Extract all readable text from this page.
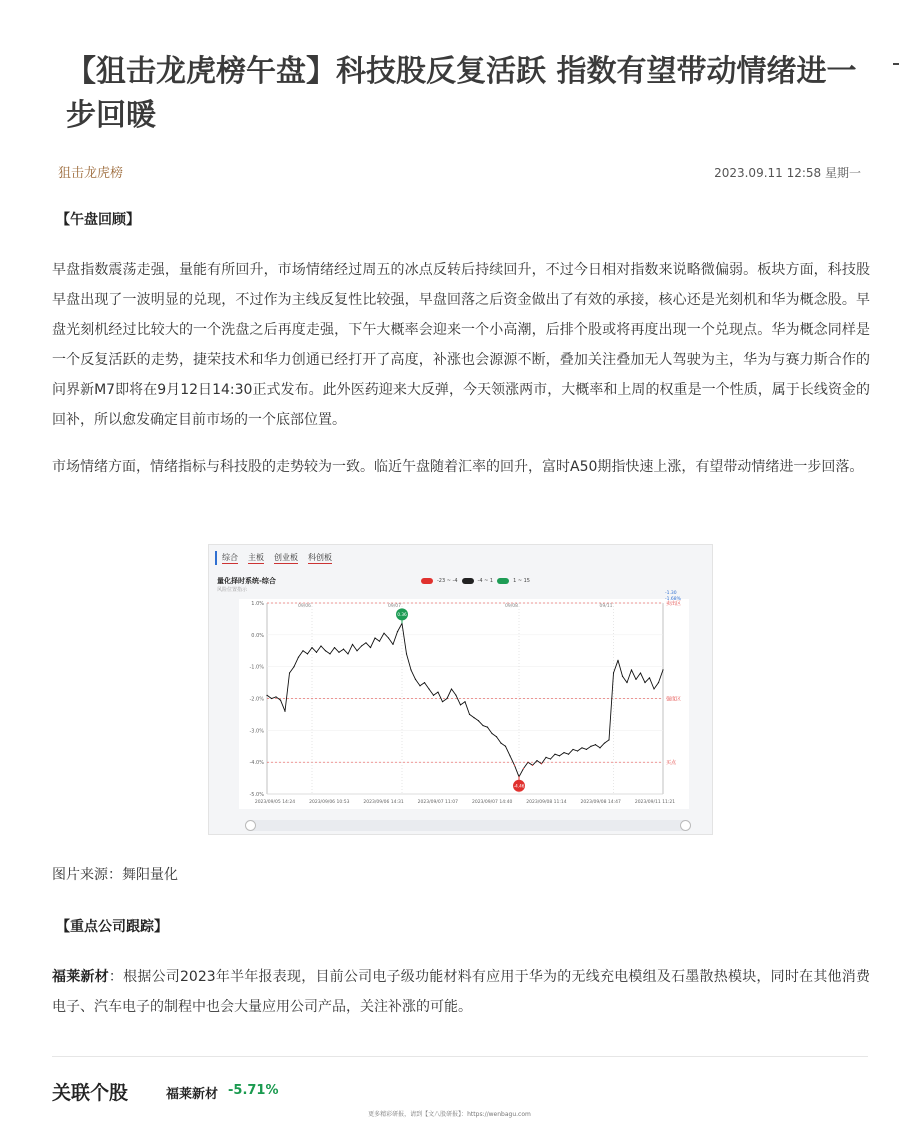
【狙击龙虎榜午盘】科技股反复活跃 指数有望带动情绪进一步回暖
狙击龙虎榜	2023.09.11 12:58 星期一
【午盘回顾】
早盘指数震荡走强，量能有所回升，市场情绪经过周五的冰点反转后持续回升，不过今日相对指数来说略微偏弱。板块方面，科技股早盘出现了一波明显的兑现，不过作为主线反复性比较强，早盘回落之后资金做出了有效的承接，核心还是光刻机和华为概念股。早盘光刻机经过比较大的一个洗盘之后再度走强，下午大概率会迎来一个小高潮，后排个股或将再度出现一个兑现点。华为概念同样是一个反复活跃的走势，捷荣技术和华力创通已经打开了高度，补涨也会源源不断，叠加关注叠加无人驾驶为主，华为与赛力斯合作的问界新M7即将在9月12日14:30正式发布。此外医药迎来大反弹，今天领涨两市，大概率和上周的权重是一个性质，属于长线资金的回补，所以愈发确定目前市场的一个底部位置。
市场情绪方面，情绪指标与科技股的走势较为一致。临近午盘随着汇率的回升，富时A50期指快速上涨，有望带动情绪进一步回落。
综合 主板 创业板 科创板
量化择时系统-综合
风险位置指示
-23 ~ -4	-4 ~ 1	1 ~ 15
1.0%
0.0%
-1.0%
-2.0%
-3.0%
-4.0%
-5.0%
卖出区
强度区
买点
-1.30
-1.68%
09/06	09/07	09/08	09/11
2023/09/05 14:24	2023/09/06 10:53	2023/09/06 14:31	2023/09/07 11:07	2023/09/07 14:40	2023/09/08 11:14	2023/09/08 14:47	2023/09/11 11:21
0.36
-4.46
图片来源：舞阳量化
【重点公司跟踪】
福莱新材：根据公司2023年半年报表现，目前公司电子级功能材料有应用于华为的无线充电模组及石墨散热模块，同时在其他消费电子、汽车电子的制程中也会大量应用公司产品，关注补涨的可能。
关联个股	福莱新材 -5.71%
更多精彩研报，请到【文八股研报】：https://wenbagu.com
